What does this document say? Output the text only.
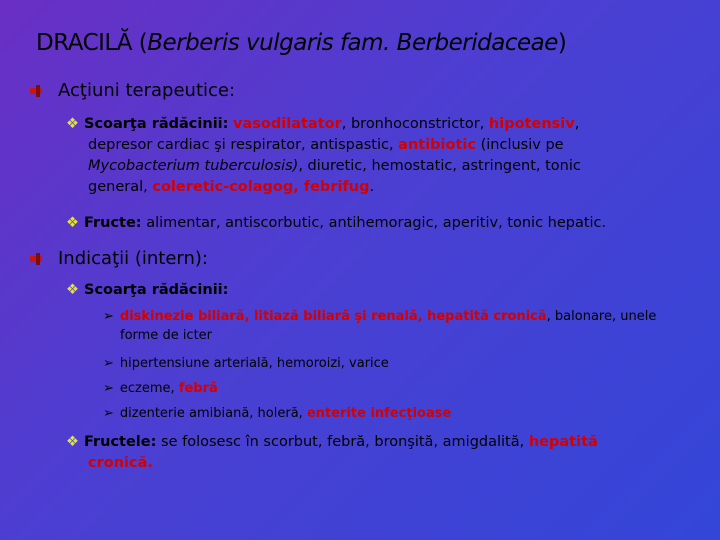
DRACILĂ (Berberis vulgaris fam. Berberidaceae)
Acţiuni terapeutice:
❖ Scoarţa rădăcinii: vasodilatator, bronhoconstrictor, hipotensiv,
depresor cardiac şi respirator, antispastic, antibiotic (inclusiv pe
Mycobacterium tuberculosis), diuretic, hemostatic, astringent, tonic
general, coleretic-colagog, febrifug.
❖ Fructe: alimentar, antiscorbutic, antihemoragic, aperitiv, tonic hepatic.
Indicaţii (intern):
❖ Scoarţa rădăcinii:
➢ diskinezie biliară, litiază biliară şi renală, hepatită cronică, balonare, unele
forme de icter
➢ hipertensiune arterială, hemoroizi, varice
➢ eczeme, febră
➢ dizenterie amibiană, holeră, enterite infecţioase
❖ Fructele: se folosesc în scorbut, febră, bronşită, amigdalită, hepatită
cronică.
